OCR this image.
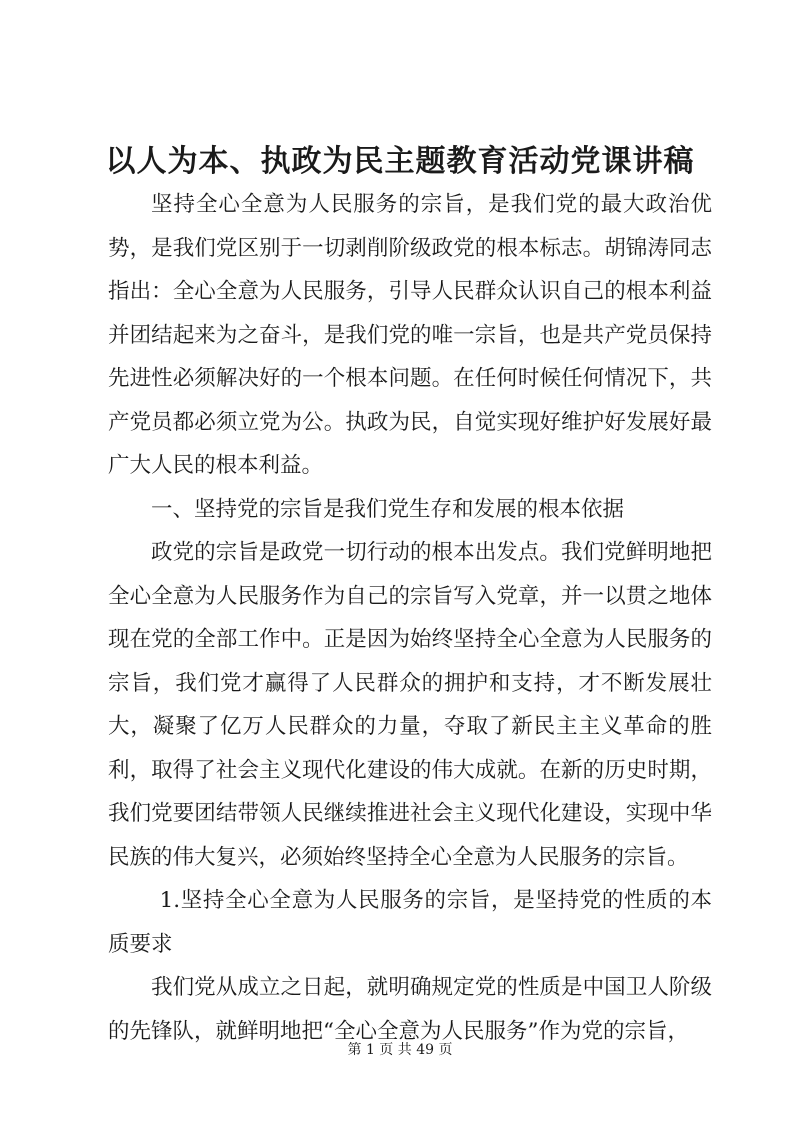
以人为本、执政为民主题教育活动党课讲稿

坚持全心全意为人民服务的宗旨，是我们党的最大政治优势，是我们党区别于一切剥削阶级政党的根本标志。胡锦涛同志指出：全心全意为人民服务，引导人民群众认识自己的根本利益并团结起来为之奋斗，是我们党的唯一宗旨，也是共产党员保持先进性必须解决好的一个根本问题。在任何时候任何情况下，共产党员都必须立党为公。执政为民，自觉实现好维护好发展好最广大人民的根本利益。

一、坚持党的宗旨是我们党生存和发展的根本依据

政党的宗旨是政党一切行动的根本出发点。我们党鲜明地把全心全意为人民服务作为自己的宗旨写入党章，并一以贯之地体现在党的全部工作中。正是因为始终坚持全心全意为人民服务的宗旨，我们党才赢得了人民群众的拥护和支持，才不断发展壮大，凝聚了亿万人民群众的力量，夺取了新民主主义革命的胜利，取得了社会主义现代化建设的伟大成就。在新的历史时期，我们党要团结带领人民继续推进社会主义现代化建设，实现中华民族的伟大复兴，必须始终坚持全心全意为人民服务的宗旨。

1.坚持全心全意为人民服务的宗旨，是坚持党的性质的本质要求

我们党从成立之日起，就明确规定党的性质是中国卫人阶级的先锋队，就鲜明地把“全心全意为人民服务”作为党的宗旨，

第 1 页 共 49 页
